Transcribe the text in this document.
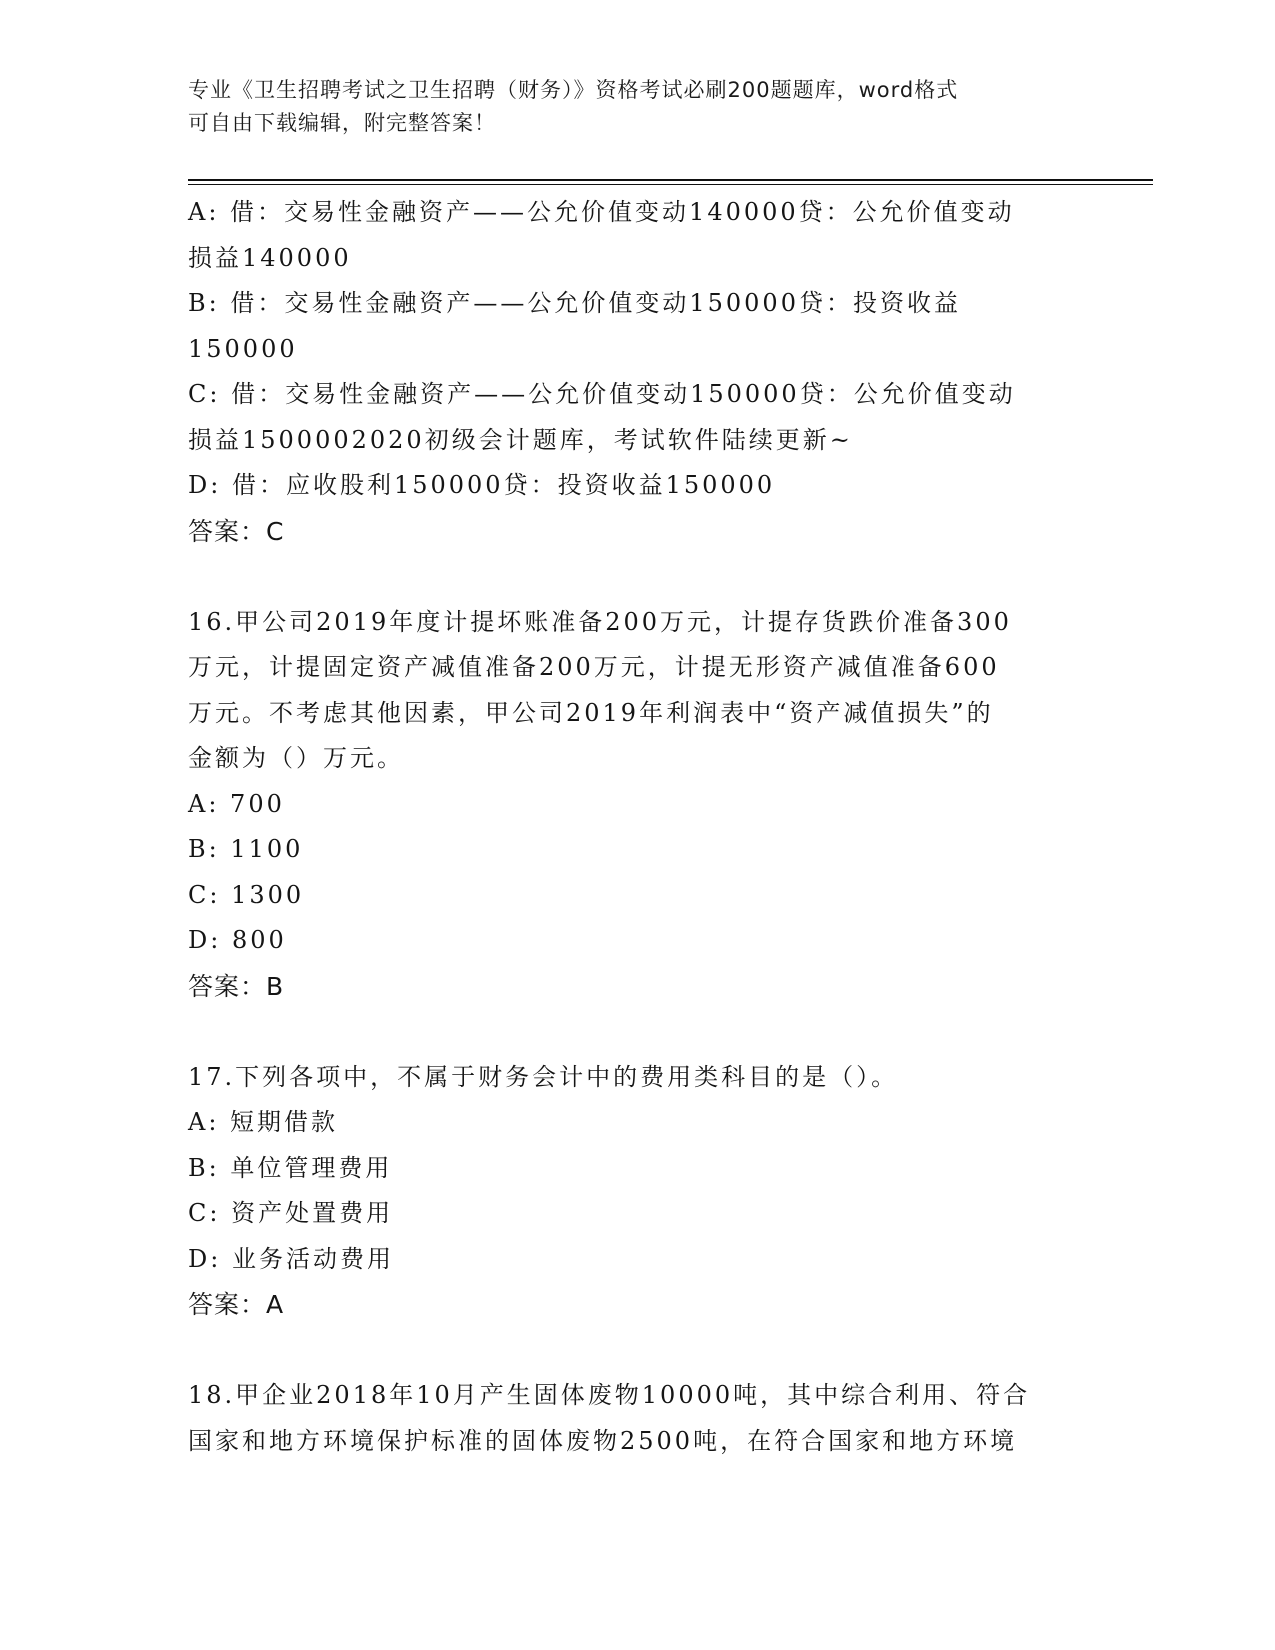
专业《卫生招聘考试之卫生招聘（财务）》资格考试必刷200题题库，word格式
可自由下载编辑，附完整答案！
A: 借：交易性金融资产——公允价值变动140000贷：公允价值变动
损益140000
B: 借：交易性金融资产——公允价值变动150000贷：投资收益
150000
C: 借：交易性金融资产——公允价值变动150000贷：公允价值变动
损益1500002020初级会计题库，考试软件陆续更新~
D: 借：应收股利150000贷：投资收益150000
答案：C
16.甲公司2019年度计提坏账准备200万元，计提存货跌价准备300
万元，计提固定资产减值准备200万元，计提无形资产减值准备600
万元。不考虑其他因素，甲公司2019年利润表中“资产减值损失”的
金额为（）万元。
A: 700
B: 1100
C: 1300
D: 800
答案：B
17.下列各项中，不属于财务会计中的费用类科目的是（）。
A: 短期借款
B: 单位管理费用
C: 资产处置费用
D: 业务活动费用
答案：A
18.甲企业2018年10月产生固体废物10000吨，其中综合利用、符合
国家和地方环境保护标准的固体废物2500吨，在符合国家和地方环境
